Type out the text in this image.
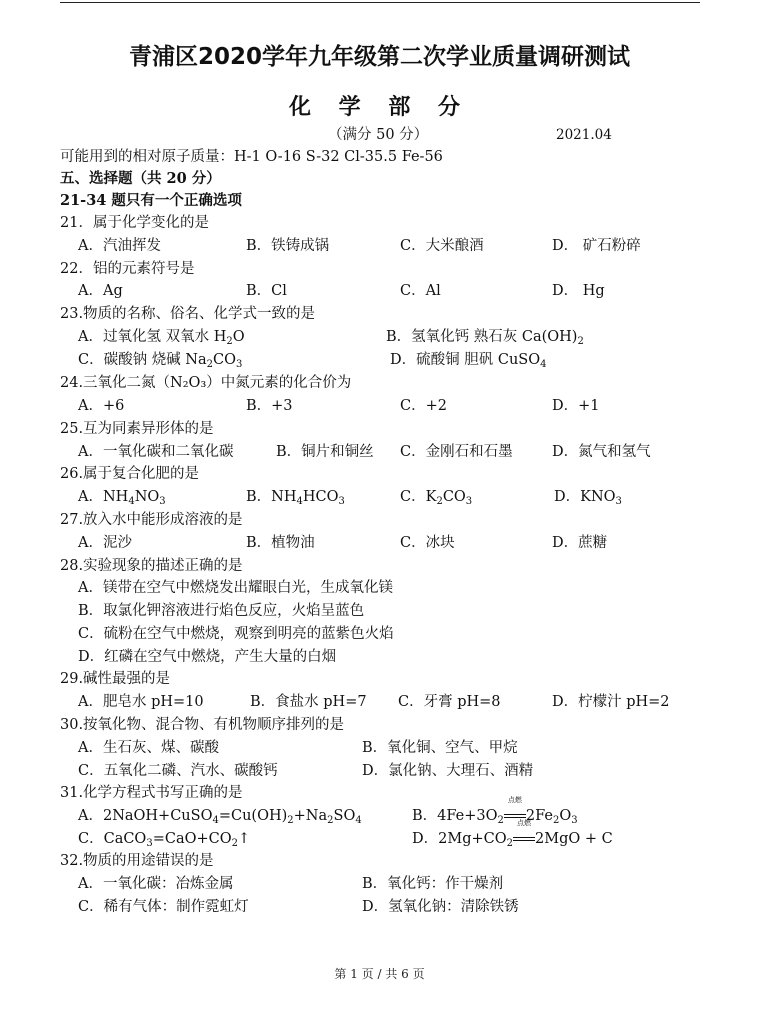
青浦区2020学年九年级第二次学业质量调研测试
化 学 部 分
（满分 50 分）	2021.04
可能用到的相对原子质量：H-1 O-16 S-32 Cl-35.5 Fe-56
五、选择题（共 20 分）
21-34 题只有一个正确选项
21．属于化学变化的是
A．汽油挥发	B．铁铸成锅	C．大米酿酒	D． 矿石粉碎
22．铝的元素符号是
A．Ag	B．Cl	C．Al	D． Hg
23.物质的名称、俗名、化学式一致的是
A．过氧化氢 双氧水 $H_2O$	B．氢氧化钙 熟石灰 $Ca(OH)_2$
C．碳酸钠 烧碱 $Na_2CO_3$	D．硫酸铜 胆矾 CuSO$_4$
24.三氧化二氮（N₂O₃）中氮元素的化合价为
A．+6	B．+3	C．+2	D．+1
25.互为同素异形体的是
A．一氧化碳和二氧化碳	B．铜片和铜丝 C．金刚石和石墨	D．氮气和氢气
26.属于复合化肥的是
A．$NH_4NO_3$	B．$NH_4HCO_3$	C．$K_2CO_3$	D．$KNO_3$
27.放入水中能形成溶液的是
A．泥沙	B．植物油	C．冰块	D．蔗糖
28.实验现象的描述正确的是
A．镁带在空气中燃烧发出耀眼白光，生成氧化镁
B．取氯化钾溶液进行焰色反应，火焰呈蓝色
C．硫粉在空气中燃烧，观察到明亮的蓝紫色火焰
D．红磷在空气中燃烧，产生大量的白烟
29.碱性最强的是
A．肥皂水 pH=10	B．食盐水 pH=7 C．牙膏 pH=8	D．柠檬汁 pH=2
30.按氧化物、混合物、有机物顺序排列的是
A．生石灰、煤、碳酸	B．氧化铜、空气、甲烷
C．五氧化二磷、汽水、碳酸钙	D．氯化钠、大理石、酒精
31.化学方程式书写正确的是
A．$2NaOH+CuSO_4=Cu(OH)_2+Na_2SO_4$	B．$4Fe+3O_2$
点燃
$2Fe_2O_3$
C．$CaCO_3=CaO+CO_2↑$	D．$2Mg+CO_2$
点燃
2MgO + C
32.物质的用途错误的是
A．一氧化碳：冶炼金属	B．氧化钙：作干燥剂
C．稀有气体：制作霓虹灯	D．氢氧化钠：清除铁锈
第 1 页 / 共 6 页
